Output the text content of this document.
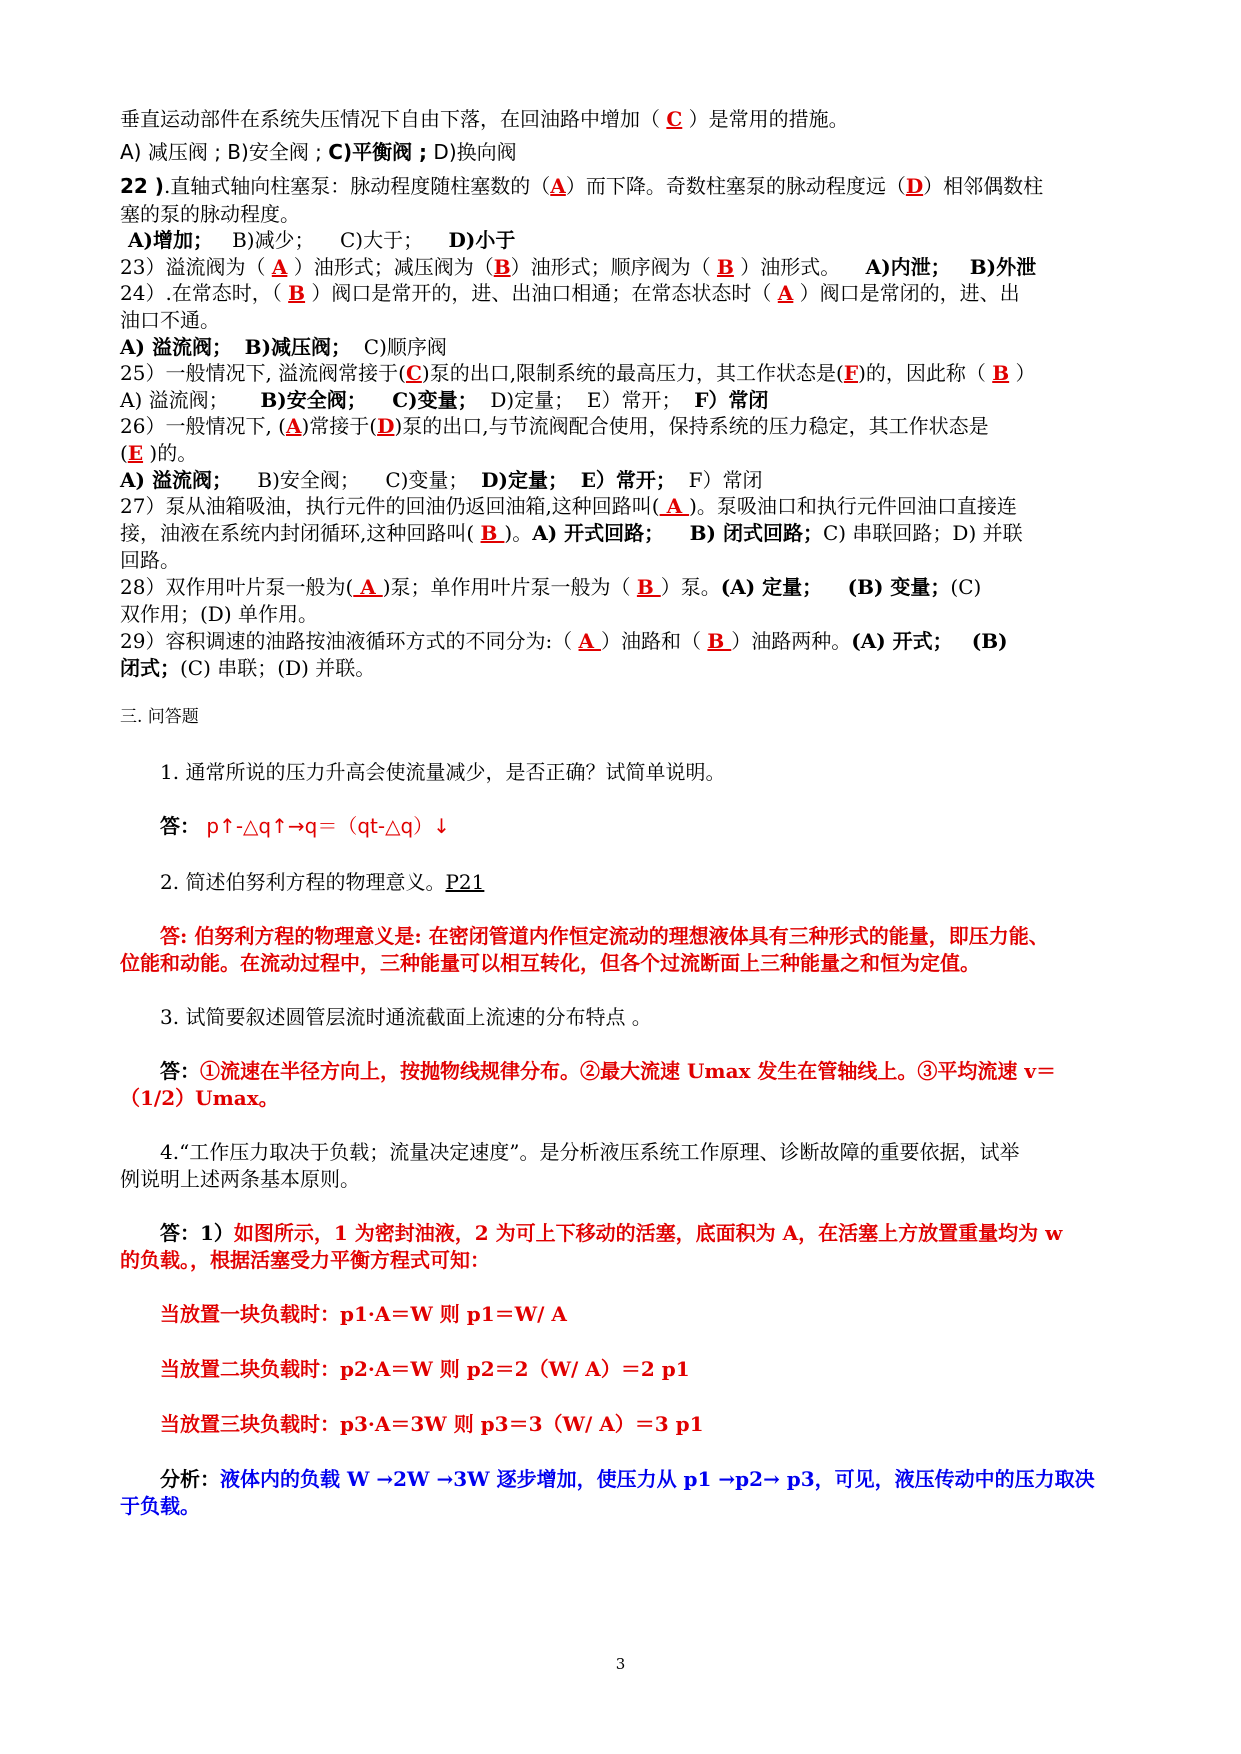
垂直运动部件在系统失压情况下自由下落，在回油路中增加（ C ）是常用的措施。
A) 减压阀 ; B)安全阀 ; C)平衡阀 ; D)换向阀
22 ).直轴式轴向柱塞泵：脉动程度随柱塞数的（A）而下降。奇数柱塞泵的脉动程度远（D）相邻偶数柱
塞的泵的脉动程度。
A)增加； B)减少； C)大于； D)小于
23）溢流阀为（ A ）油形式；减压阀为（B）油形式；顺序阀为（ B ）油形式。    A)内泄； B)外泄
24）.在常态时，（ B ）阀口是常开的，进、出油口相通；在常态状态时（ A ）阀口是常闭的，进、出
油口不通。
A) 溢流阀； B)减压阀； C)顺序阀
25）一般情况下, 溢流阀常接于(C)泵的出口,限制系统的最高压力，其工作状态是(F)的，因此称（ B ）
A) 溢流阀； B)安全阀； C)变量； D)定量； E）常开； F）常闭
26）一般情况下, (A)常接于(D)泵的出口,与节流阀配合使用，保持系统的压力稳定，其工作状态是
(E )的。
A) 溢流阀； B)安全阀； C)变量； D)定量； E）常开； F）常闭
27）泵从油箱吸油，执行元件的回油仍返回油箱,这种回路叫( A )。泵吸油口和执行元件回油口直接连
接，油液在系统内封闭循环,这种回路叫( B )。A) 开式回路； B) 闭式回路；C) 串联回路；D) 并联
回路。
28）双作用叶片泵一般为( A )泵；单作用叶片泵一般为（ B ）泵。(A) 定量； (B) 变量；(C)
双作用；(D) 单作用。
29）容积调速的油路按油液循环方式的不同分为:（ A ）油路和（ B ）油路两种。(A) 开式； (B)
闭式；(C) 串联；(D) 并联。
三. 问答题
1. 通常所说的压力升高会使流量减少，是否正确？试简单说明。
答： p↑-△q↑→q＝（qt-△q）↓
2. 简述伯努利方程的物理意义。P21
答: 伯努利方程的物理意义是: 在密闭管道内作恒定流动的理想液体具有三种形式的能量，即压力能、
位能和动能。在流动过程中，三种能量可以相互转化，但各个过流断面上三种能量之和恒为定值。
3. 试简要叙述圆管层流时通流截面上流速的分布特点 。
答：①流速在半径方向上，按抛物线规律分布。②最大流速 Umax 发生在管轴线上。③平均流速 v＝
（1/2）Umax。
4.“工作压力取决于负载；流量决定速度”。是分析液压系统工作原理、诊断故障的重要依据，试举
例说明上述两条基本原则。
答：1）如图所示，1 为密封油液，2 为可上下移动的活塞，底面积为 A，在活塞上方放置重量均为 w
的负载。，根据活塞受力平衡方程式可知：
当放置一块负载时：p1·A＝W 则 p1＝W/ A
当放置二块负载时：p2·A＝W 则 p2＝2（W/ A）＝2 p1
当放置三块负载时：p3·A＝3W 则 p3＝3（W/ A）＝3 p1
分析：液体内的负载 W →2W →3W 逐步增加，使压力从 p1 →p2→ p3，可见，液压传动中的压力取决
于负载。
3
